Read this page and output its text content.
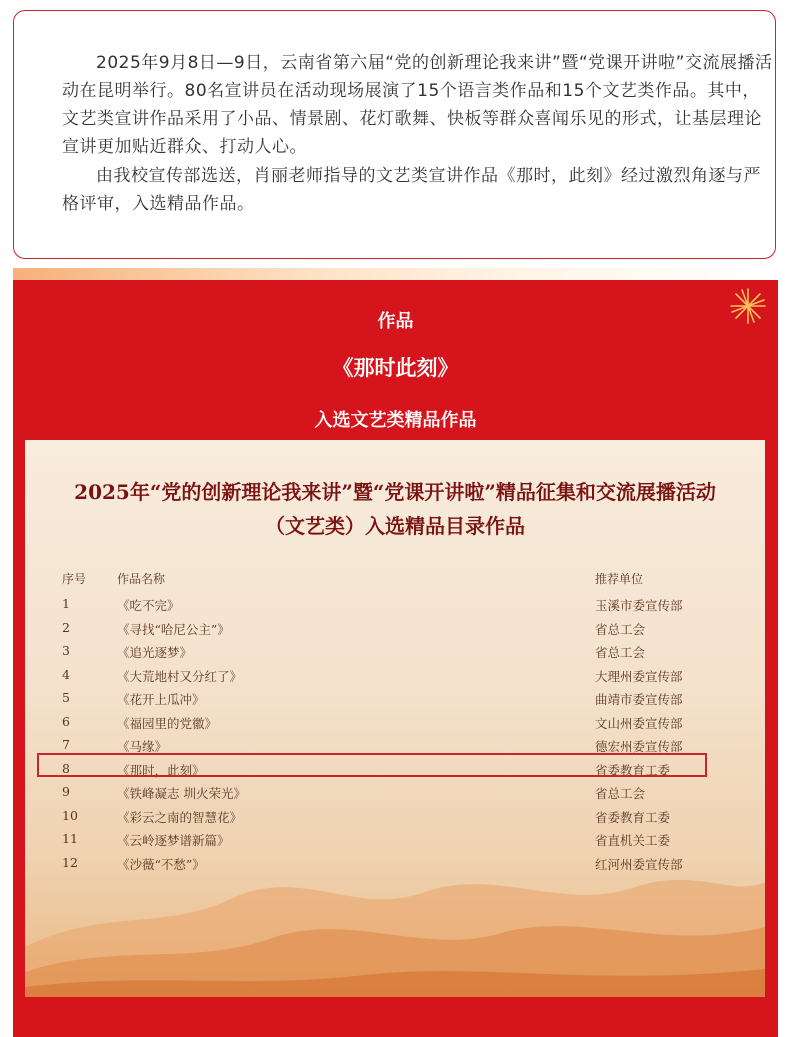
2025年9月8日—9日，云南省第六届“党的创新理论我来讲”暨“党课开讲啦”交流展播活动在昆明举行。80名宣讲员在活动现场展演了15个语言类作品和15个文艺类作品。其中，文艺类宣讲作品采用了小品、情景剧、花灯歌舞、快板等群众喜闻乐见的形式，让基层理论宣讲更加贴近群众、打动人心。

由我校宣传部选送，肖丽老师指导的文艺类宣讲作品《那时，此刻》经过激烈角逐与严格评审，入选精品作品。

作品
《那时此刻》
入选文艺类精品作品
2025年“党的创新理论我来讲”暨“党课开讲啦”精品征集和交流展播活动
（文艺类）入选精品目录作品
序号	作品名称	推荐单位
1	《吃不完》	玉溪市委宣传部
2	《寻找“哈尼公主”》	省总工会
3	《追光逐梦》	省总工会
4	《大荒地村又分红了》	大理州委宣传部
5	《花开上瓜冲》	曲靖市委宣传部
6	《福园里的党徽》	文山州委宣传部
7	《马缘》	德宏州委宣传部
8	《那时，此刻》	省委教育工委
9	《铁峰凝志 圳火荣光》	省总工会
10	《彩云之南的智慧花》	省委教育工委
11	《云岭逐梦谱新篇》	省直机关工委
12	《沙薇“不愁”》	红河州委宣传部
